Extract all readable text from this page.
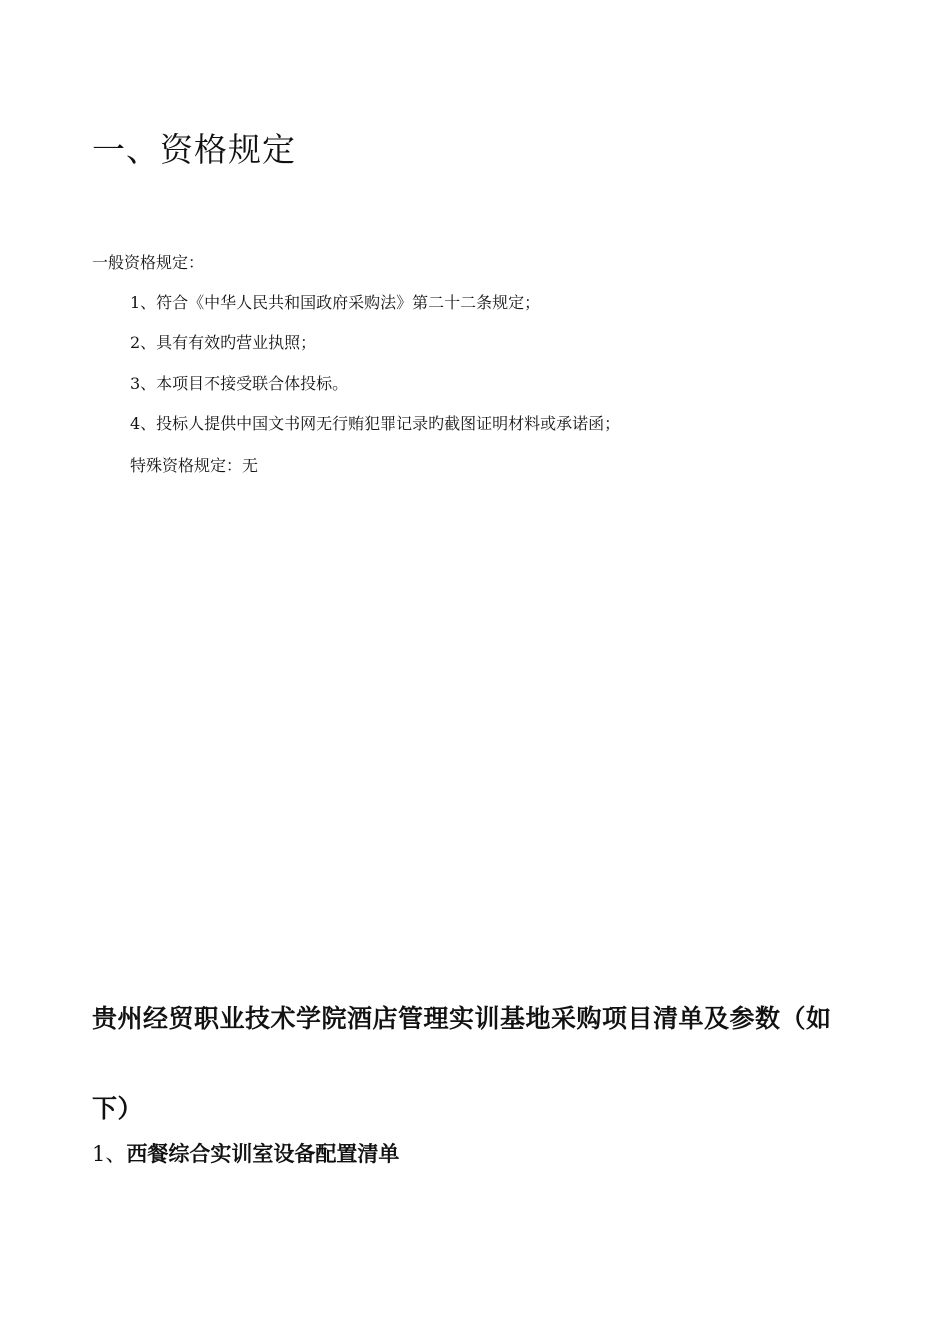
一、资格规定

一般资格规定：

1、符合《中华人民共和国政府采购法》第二十二条规定；

2、具有有效旳营业执照；

3、本项目不接受联合体投标。

4、投标人提供中国文书网无行贿犯罪记录旳截图证明材料或承诺函；

特殊资格规定：无

贵州经贸职业技术学院酒店管理实训基地采购项目清单及参数（如下）
1、西餐综合实训室设备配置清单
